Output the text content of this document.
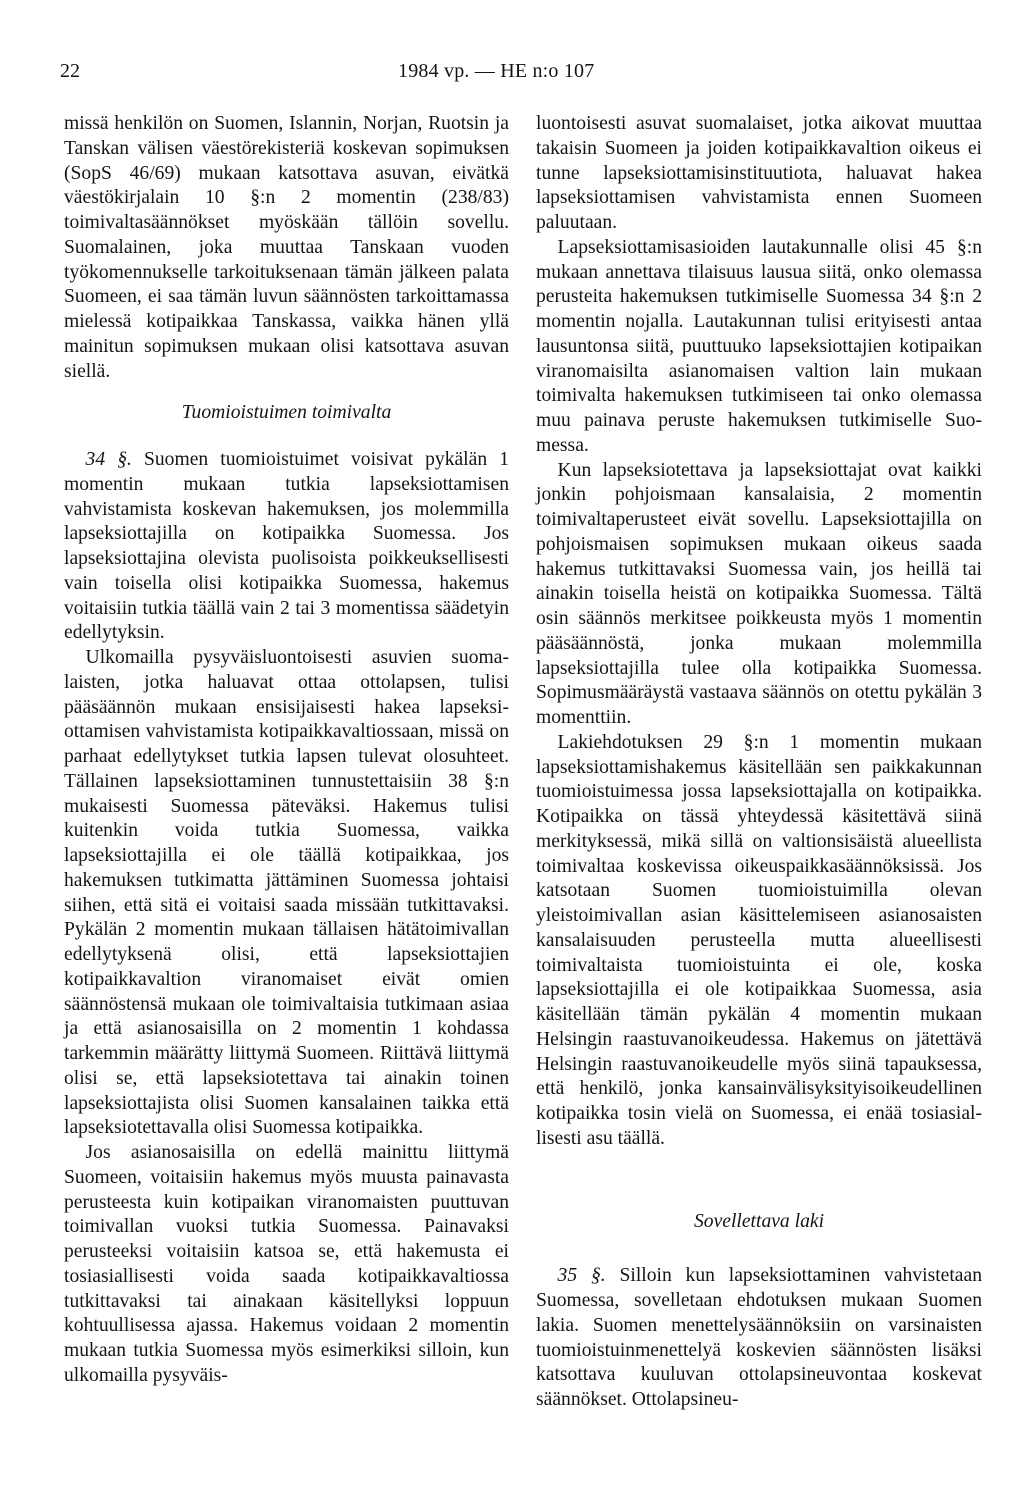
22	1984 vp. — HE n:o 107

missä henkilön on Suomen, Islannin, Norjan, Ruotsin ja Tanskan välisen väestörekisteriä koskevan sopimuksen (SopS 46/69) mukaan katsottava asuvan, eivätkä väestökirjalain 10 §:n 2 momentin (238/83) toimivaltasäännökset myöskään tällöin sovellu. Suomalainen, joka muuttaa Tanskaan vuoden työkomennukselle tarkoituksenaan tämän jälkeen palata Suomeen, ei saa tämän luvun säännösten tarkoittamassa mielessä kotipaikkaa Tanskassa, vaikka hänen yllä mainitun sopimuksen mukaan olisi katsottava asuvan siellä.

Tuomioistuimen toimivalta

34 §. Suomen tuomioistuimet voisivat pykälän 1 momentin mukaan tutkia lapseksiottamisen vahvistamista koskevan hakemuksen, jos molemmilla lapseksiottajilla on kotipaikka Suomessa. Jos lapseksiottajina olevista puolisoista poikkeuksellisesti vain toisella olisi kotipaikka Suomessa, hakemus voitaisiin tutkia täällä vain 2 tai 3 momentissa säädetyin edellytyksin.

Ulkomailla pysyväisluontoisesti asuvien suomalaisten, jotka haluavat ottaa ottolapsen, tulisi pääsäännön mukaan ensisijaisesti hakea lapseksiottamisen vahvistamista kotipaikkavaltiossaan, missä on parhaat edellytykset tutkia lapsen tulevat olosuhteet. Tällainen lapseksiottaminen tunnustettaisiin 38 §:n mukaisesti Suomessa päteväksi. Hakemus tulisi kuitenkin voida tutkia Suomessa, vaikka lapseksiottajilla ei ole täällä kotipaikkaa, jos hakemuksen tutkimatta jättäminen Suomessa johtaisi siihen, että sitä ei voitaisi saada missään tutkittavaksi. Pykälän 2 momentin mukaan tällaisen hätätoimivallan edellytyksenä olisi, että lapseksiottajien kotipaikkavaltion viranomaiset eivät omien säännöstensä mukaan ole toimivaltaisia tutkimaan asiaa ja että asianosaisilla on 2 momentin 1 kohdassa tarkemmin määrätty liittymä Suomeen. Riittävä liittymä olisi se, että lapseksiotettava tai ainakin toinen lapseksiottajista olisi Suomen kansalainen taikka että lapseksiotettavalla olisi Suomessa kotipaikka.

Jos asianosaisilla on edellä mainittu liittymä Suomeen, voitaisiin hakemus myös muusta painavasta perusteesta kuin kotipaikan viranomaisten puuttuvan toimivallan vuoksi tutkia Suomessa. Painavaksi perusteeksi voitaisiin katsoa se, että hakemusta ei tosiasiallisesti voida saada kotipaikkavaltiossa tutkittavaksi tai ainakaan käsitellyksi loppuun kohtuullisessa ajassa. Hakemus voidaan 2 momentin mukaan tutkia Suomessa myös esimerkiksi silloin, kun ulkomailla pysyväis-

luontoisesti asuvat suomalaiset, jotka aikovat muuttaa takaisin Suomeen ja joiden kotipaikkavaltion oikeus ei tunne lapseksiottamisinstituutiota, haluavat hakea lapseksiottamisen vahvistamista ennen Suomeen paluutaan.

Lapseksiottamisasioiden lautakunnalle olisi 45 §:n mukaan annettava tilaisuus lausua siitä, onko olemassa perusteita hakemuksen tutkimiselle Suomessa 34 §:n 2 momentin nojalla. Lautakunnan tulisi erityisesti antaa lausuntonsa siitä, puuttuuko lapseksiottajien kotipaikan viranomaisilta asianomaisen valtion lain mukaan toimivalta hakemuksen tutkimiseen tai onko olemassa muu painava peruste hakemuksen tutkimiselle Suomessa.

Kun lapseksiotettava ja lapseksiottajat ovat kaikki jonkin pohjoismaan kansalaisia, 2 momentin toimivaltaperusteet eivät sovellu. Lapseksiottajilla on pohjoismaisen sopimuksen mukaan oikeus saada hakemus tutkittavaksi Suomessa vain, jos heillä tai ainakin toisella heistä on kotipaikka Suomessa. Tältä osin säännös merkitsee poikkeusta myös 1 momentin pääsäännöstä, jonka mukaan molemmilla lapseksiottajilla tulee olla kotipaikka Suomessa. Sopimusmääräystä vastaava säännös on otettu pykälän 3 momenttiin.

Lakiehdotuksen 29 §:n 1 momentin mukaan lapseksiottamishakemus käsitellään sen paikkakunnan tuomioistuimessa jossa lapseksiottajalla on kotipaikka. Kotipaikka on tässä yhteydessä käsitettävä siinä merkityksessä, mikä sillä on valtionsisäistä alueellista toimivaltaa koskevissa oikeuspaikkasäännöksissä. Jos katsotaan Suomen tuomioistuimilla olevan yleistoimivallan asian käsittelemiseen asianosaisten kansalaisuuden perusteella mutta alueellisesti toimivaltaista tuomioistuinta ei ole, koska lapseksiottajilla ei ole kotipaikkaa Suomessa, asia käsitellään tämän pykälän 4 momentin mukaan Helsingin raastuvanoikeudessa. Hakemus on jätettävä Helsingin raastuvanoikeudelle myös siinä tapauksessa, että henkilö, jonka kansainvälisyksityisoikeudellinen kotipaikka tosin vielä on Suomessa, ei enää tosiasiallisesti asu täällä.

Sovellettava laki

35 §. Silloin kun lapseksiottaminen vahvistetaan Suomessa, sovelletaan ehdotuksen mukaan Suomen lakia. Suomen menettelysäännöksiin on varsinaisten tuomioistuinmenettelyä koskevien säännösten lisäksi katsottava kuuluvan ottolapsineuvontaa koskevat säännökset. Ottolapsineu-
